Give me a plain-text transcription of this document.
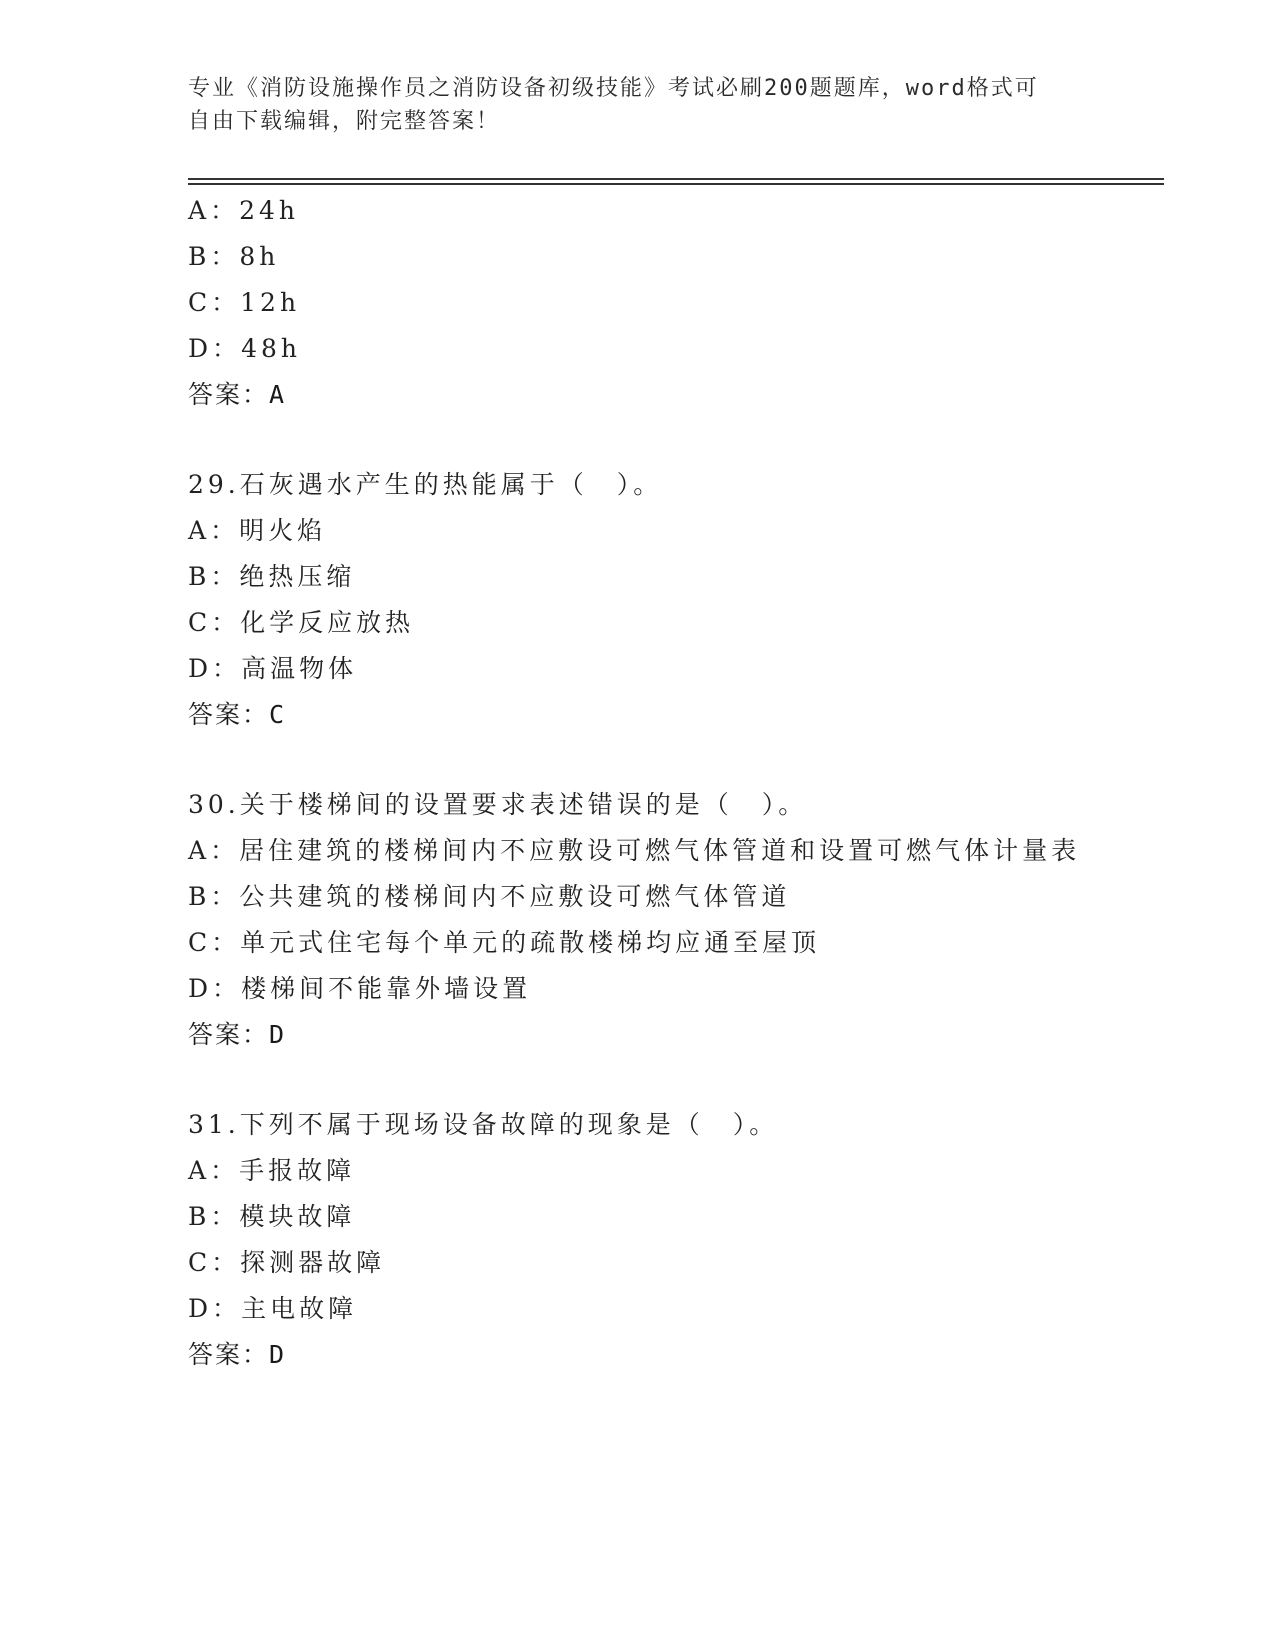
专业《消防设施操作员之消防设备初级技能》考试必刷200题题库，word格式可
自由下载编辑，附完整答案！
A：24h
B：8h
C：12h
D：48h
答案：A
29.石灰遇水产生的热能属于（　）。
A：明火焰
B：绝热压缩
C：化学反应放热
D：高温物体
答案：C
30.关于楼梯间的设置要求表述错误的是（　）。
A：居住建筑的楼梯间内不应敷设可燃气体管道和设置可燃气体计量表
B：公共建筑的楼梯间内不应敷设可燃气体管道
C：单元式住宅每个单元的疏散楼梯均应通至屋顶
D：楼梯间不能靠外墙设置
答案：D
31.下列不属于现场设备故障的现象是（　）。
A：手报故障
B：模块故障
C：探测器故障
D：主电故障
答案：D
